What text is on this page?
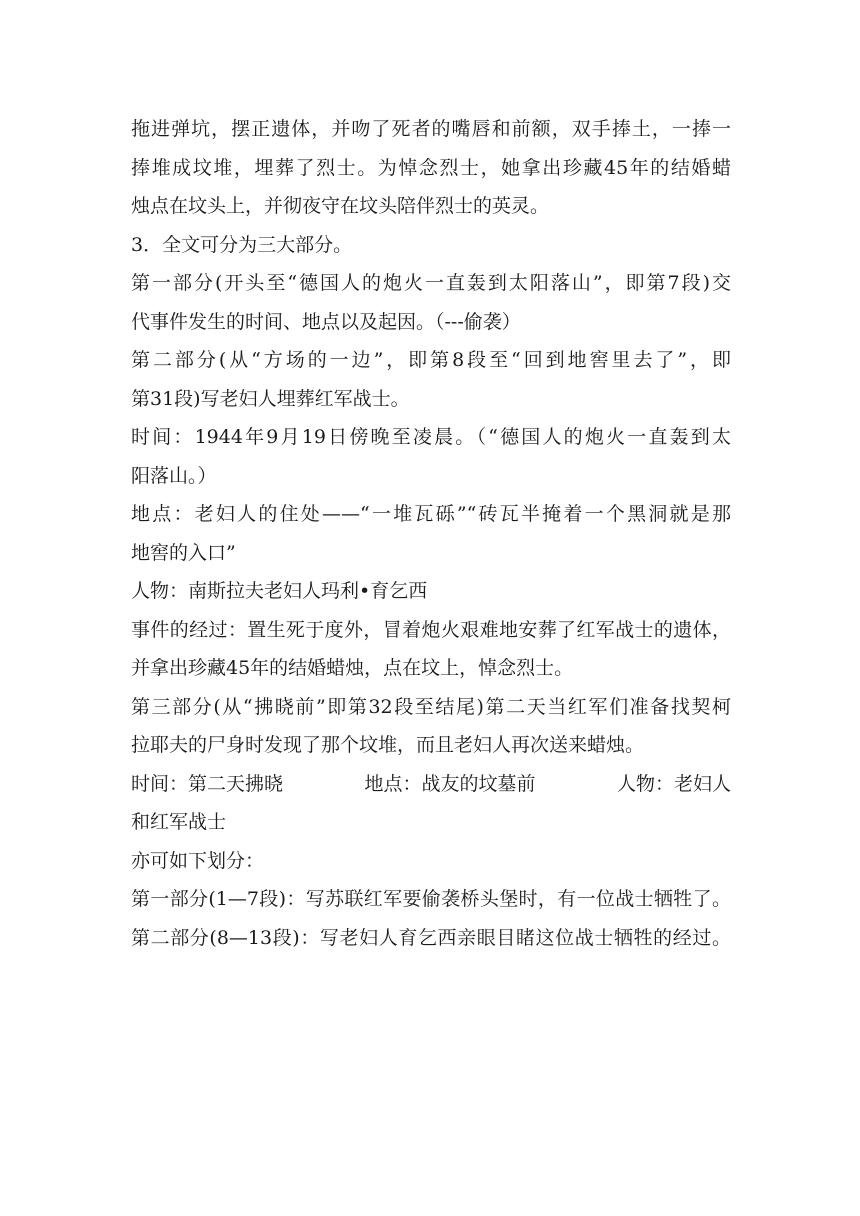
拖进弹坑，摆正遗体，并吻了死者的嘴唇和前额，双手捧土，一捧一
捧堆成坟堆，埋葬了烈士。为悼念烈士，她拿出珍藏45年的结婚蜡
烛点在坟头上，并彻夜守在坟头陪伴烈士的英灵。
3．全文可分为三大部分。
第一部分(开头至“德国人的炮火一直轰到太阳落山”，即第7段)交
代事件发生的时间、地点以及起因。（---偷袭）
第二部分(从“方场的一边”，即第8段至“回到地窖里去了”，即
第31段)写老妇人埋葬红军战士。
时间：1944年9月19日傍晚至凌晨。（“德国人的炮火一直轰到太
阳落山。）
地点：老妇人的住处——“一堆瓦砾”“砖瓦半掩着一个黑洞就是那
地窖的入口”
人物：南斯拉夫老妇人玛利•育乞西
事件的经过：置生死于度外，冒着炮火艰难地安葬了红军战士的遗体，
并拿出珍藏45年的结婚蜡烛，点在坟上，悼念烈士。
第三部分(从“拂晓前”即第32段至结尾)第二天当红军们准备找契柯
拉耶夫的尸身时发现了那个坟堆，而且老妇人再次送来蜡烛。
时间：第二天拂晓	地点：战友的坟墓前	人物：老妇人
和红军战士
亦可如下划分：
第一部分(1—7段)：写苏联红军要偷袭桥头堡时，有一位战士牺牲了。
第二部分(8—13段)：写老妇人育乞西亲眼目睹这位战士牺牲的经过。
